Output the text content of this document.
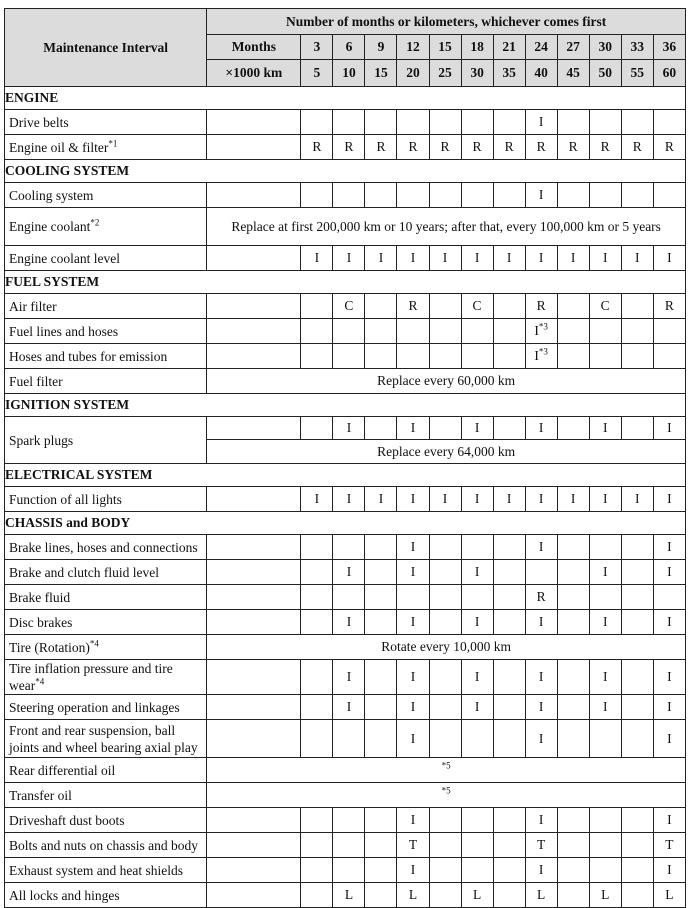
Maintenance Interval	Number of months or kilometers, whichever comes first												
	Months	3	6	9	12	15	18	21	24	27	30	33	36
	×1000 km	5	10	15	20	25	30	35	40	45	50	55	60
ENGINE													
Drive belts									I				
Engine oil & filter$^{*1}$		R	R	R	R	R	R	R	R	R	R	R	R
COOLING SYSTEM													
Cooling system									I				
Engine coolant$^{*2}$	Replace at first 200,000 km or 10 years; after that, every 100,000 km or 5 years												
Engine coolant level		I	I	I	I	I	I	I	I	I	I	I	I
FUEL SYSTEM													
Air filter			C		R		C		R		C		R
Fuel lines and hoses									$I^{*3}$				
Hoses and tubes for emission									$I^{*3}$				
Fuel filter	Replace every 60,000 km												
IGNITION SYSTEM													
Spark plugs			I		I		I		I		I		I
	Replace every 64,000 km												
ELECTRICAL SYSTEM													
Function of all lights		I	I	I	I	I	I	I	I	I	I	I	I
CHASSIS and BODY													
Brake lines, hoses and connections					I				I				I
Brake and clutch fluid level			I		I		I				I		I
Brake fluid									R				
Disc brakes			I		I		I		I		I		I
Tire (Rotation)$^{*4}$	Rotate every 10,000 km												
Tire inflation pressure and tire wear$^{*4}$			I		I		I		I		I		I
Steering operation and linkages			I		I		I		I		I		I
Front and rear suspension, ball joints and wheel bearing axial play					I				I				I
Rear differential oil	$^{*5}$
Transfer oil	$^{*5}$
Driveshaft dust boots					I				I				I
Bolts and nuts on chassis and body					T				T				T
Exhaust system and heat shields					I				I				I
All locks and hinges			L		L		L		L		L		L
